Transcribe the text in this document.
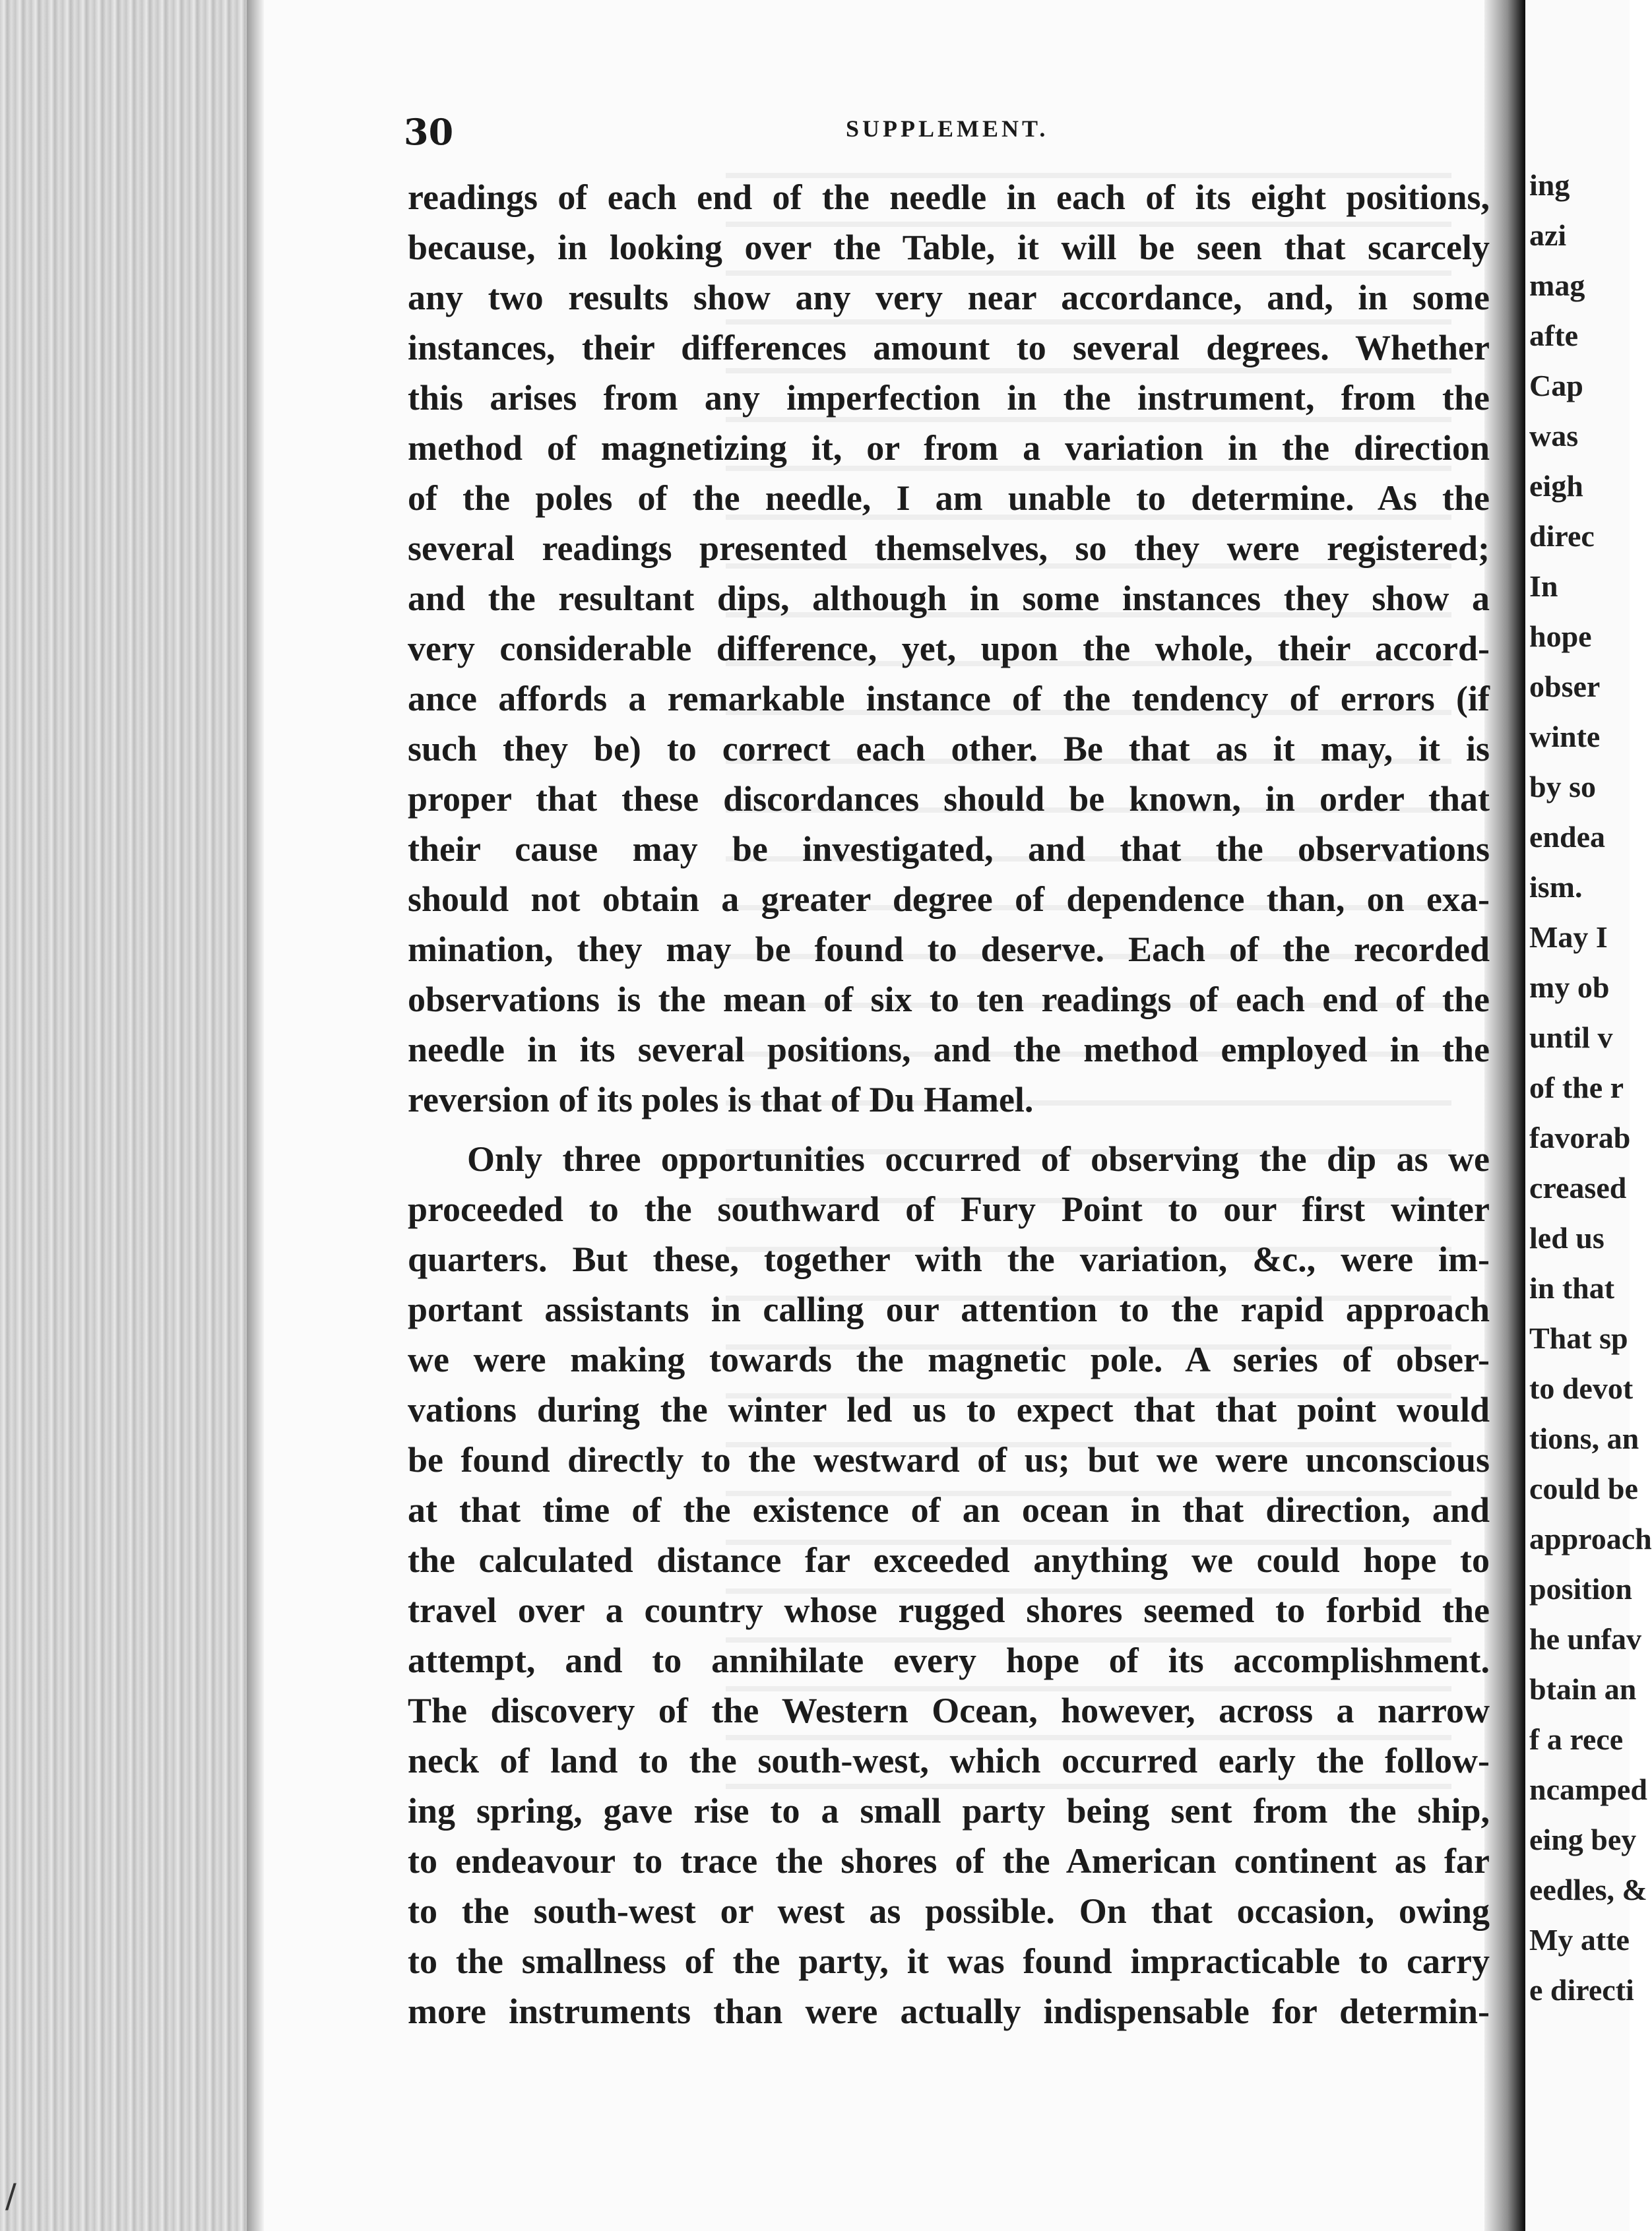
30	SUPPLEMENT.
readings of each end of the needle in each of its eight positions,
because, in looking over the Table, it will be seen that scarcely
any two results show any very near accordance, and, in some
instances, their differences amount to several degrees. Whether
this arises from any imperfection in the instrument, from the
method of magnetizing it, or from a variation in the direction
of the poles of the needle, I am unable to determine. As the
several readings presented themselves, so they were registered;
and the resultant dips, although in some instances they show a
very considerable difference, yet, upon the whole, their accord-
ance affords a remarkable instance of the tendency of errors (if
such they be) to correct each other. Be that as it may, it is
proper that these discordances should be known, in order that
their cause may be investigated, and that the observations
should not obtain a greater degree of dependence than, on exa-
mination, they may be found to deserve. Each of the recorded
observations is the mean of six to ten readings of each end of the
needle in its several positions, and the method employed in the
reversion of its poles is that of Du Hamel.
Only three opportunities occurred of observing the dip as we
proceeded to the southward of Fury Point to our first winter
quarters. But these, together with the variation, &c., were im-
portant assistants in calling our attention to the rapid approach
we were making towards the magnetic pole. A series of obser-
vations during the winter led us to expect that that point would
be found directly to the westward of us; but we were unconscious
at that time of the existence of an ocean in that direction, and
the calculated distance far exceeded anything we could hope to
travel over a country whose rugged shores seemed to forbid the
attempt, and to annihilate every hope of its accomplishment.
The discovery of the Western Ocean, however, across a narrow
neck of land to the south-west, which occurred early the follow-
ing spring, gave rise to a small party being sent from the ship,
to endeavour to trace the shores of the American continent as far
to the south-west or west as possible. On that occasion, owing
to the smallness of the party, it was found impracticable to carry
more instruments than were actually indispensable for determin-
ing
azi
mag
afte
Cap
was
eigh
direc
In
hope
obser
winte
by so
endea
ism.
May I
my ob
until v
of the r
favorab
creased
led us
in that
That sp
to devot
tions, an
could be
approach
position
he unfav
btain an
f a rece
ncamped
eing bey
eedles, &
My atte
e directi
/
